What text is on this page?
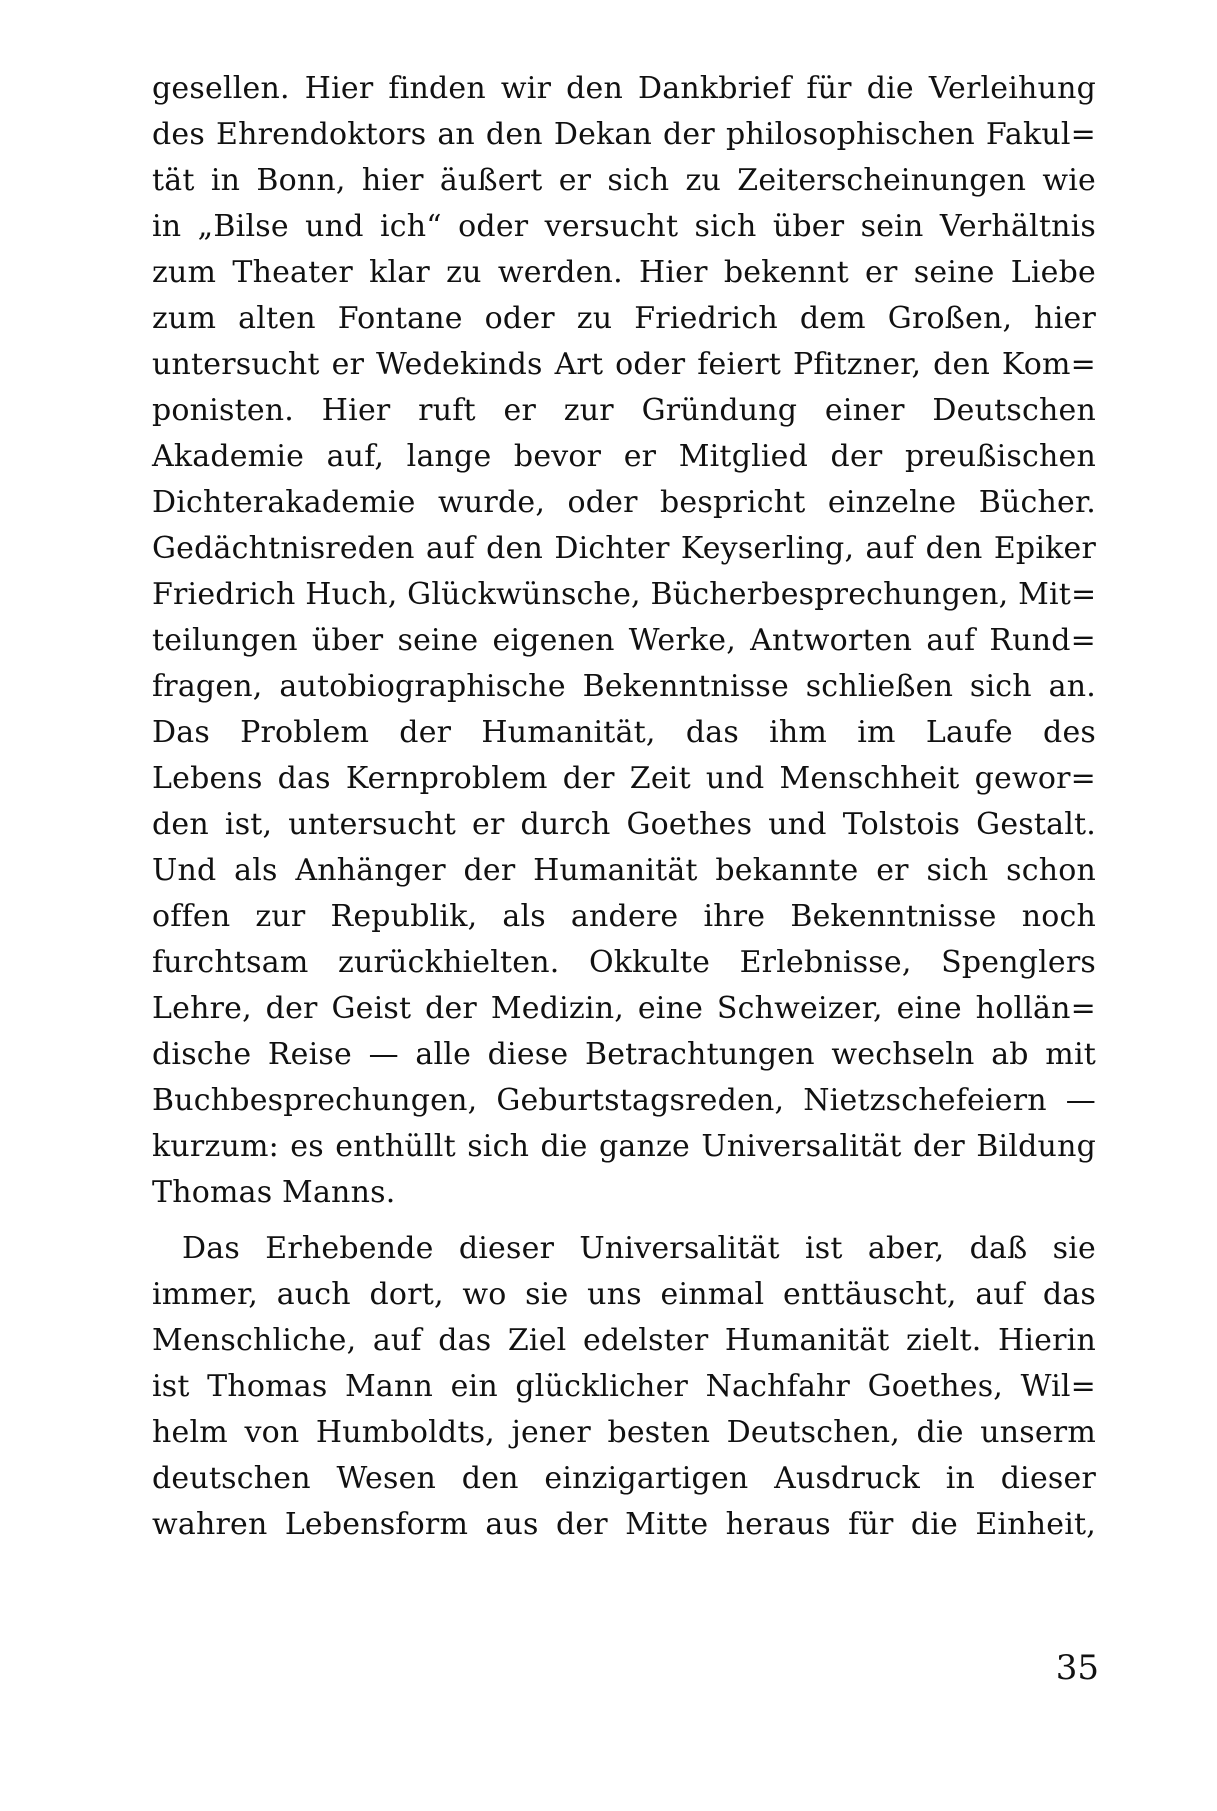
gesellen. Hier finden wir den Dankbrief für die Verleihung
des Ehrendoktors an den Dekan der philosophischen Fakul=
tät in Bonn, hier äußert er sich zu Zeiterscheinungen wie
in „Bilse und ich“ oder versucht sich über sein Verhältnis
zum Theater klar zu werden. Hier bekennt er seine Liebe
zum alten Fontane oder zu Friedrich dem Großen, hier
untersucht er Wedekinds Art oder feiert Pfitzner, den Kom=
ponisten. Hier ruft er zur Gründung einer Deutschen
Akademie auf, lange bevor er Mitglied der preußischen
Dichterakademie wurde, oder bespricht einzelne Bücher.
Gedächtnisreden auf den Dichter Keyserling, auf den Epiker
Friedrich Huch, Glückwünsche, Bücherbesprechungen, Mit=
teilungen über seine eigenen Werke, Antworten auf Rund=
fragen, autobiographische Bekenntnisse schließen sich an.
Das Problem der Humanität, das ihm im Laufe des
Lebens das Kernproblem der Zeit und Menschheit gewor=
den ist, untersucht er durch Goethes und Tolstois Gestalt.
Und als Anhänger der Humanität bekannte er sich schon
offen zur Republik, als andere ihre Bekenntnisse noch
furchtsam zurückhielten. Okkulte Erlebnisse, Spenglers
Lehre, der Geist der Medizin, eine Schweizer, eine hollän=
dische Reise — alle diese Betrachtungen wechseln ab mit
Buchbesprechungen, Geburtstagsreden, Nietzschefeiern —
kurzum: es enthüllt sich die ganze Universalität der Bildung
Thomas Manns.
Das Erhebende dieser Universalität ist aber, daß sie
immer, auch dort, wo sie uns einmal enttäuscht, auf das
Menschliche, auf das Ziel edelster Humanität zielt. Hierin
ist Thomas Mann ein glücklicher Nachfahr Goethes, Wil=
helm von Humboldts, jener besten Deutschen, die unserm
deutschen Wesen den einzigartigen Ausdruck in dieser
wahren Lebensform aus der Mitte heraus für die Einheit,
35
